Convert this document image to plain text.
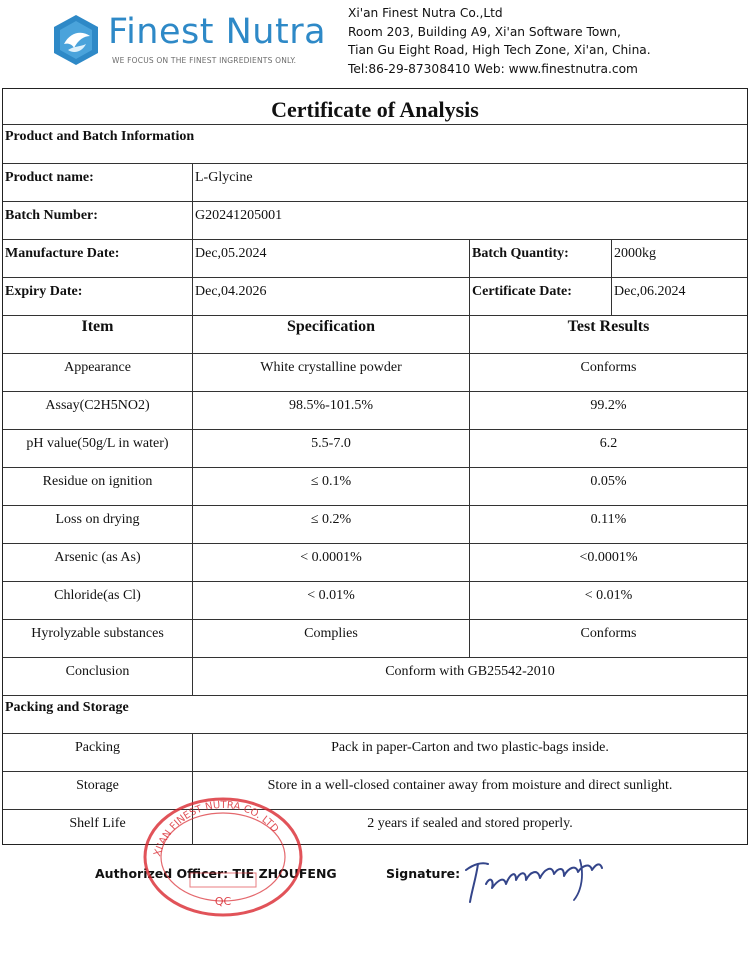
Finest Nutra
WE FOCUS ON THE FINEST INGREDIENTS ONLY.
Xi'an Finest Nutra Co.,Ltd
Room 203, Building A9, Xi'an Software Town,
Tian Gu Eight Road, High Tech Zone, Xi'an, China.
Tel:86-29-87308410 Web: www.finestnutra.com
Certificate of Analysis
Product and Batch Information
Product name:	L-Glycine
Batch Number:	G20241205001
Manufacture Date:	Dec,05.2024	Batch Quantity:	2000kg
Expiry Date:	Dec,04.2026	Certificate Date:	Dec,06.2024
Item	Specification	Test Results
Appearance	White crystalline powder	Conforms
Assay(C2H5NO2)	98.5%-101.5%	99.2%
pH value(50g/L in water)	5.5-7.0	6.2
Residue on ignition	≤ 0.1%	0.05%
Loss on drying	≤ 0.2%	0.11%
Arsenic (as As)	< 0.0001%	<0.0001%
Chloride(as Cl)	< 0.01%	< 0.01%
Hyrolyzable substances	Complies	Conforms
Conclusion	Conform with GB25542-2010
Packing and Storage
Packing	Pack in paper-Carton and two plastic-bags inside.
Storage	Store in a well-closed container away from moisture and direct sunlight.
Shelf Life	2 years if sealed and stored properly.
Authorized Officer: TIE ZHOUFENG	Signature:
XI'AN FINEST NUTRA CO. LTD
QC
